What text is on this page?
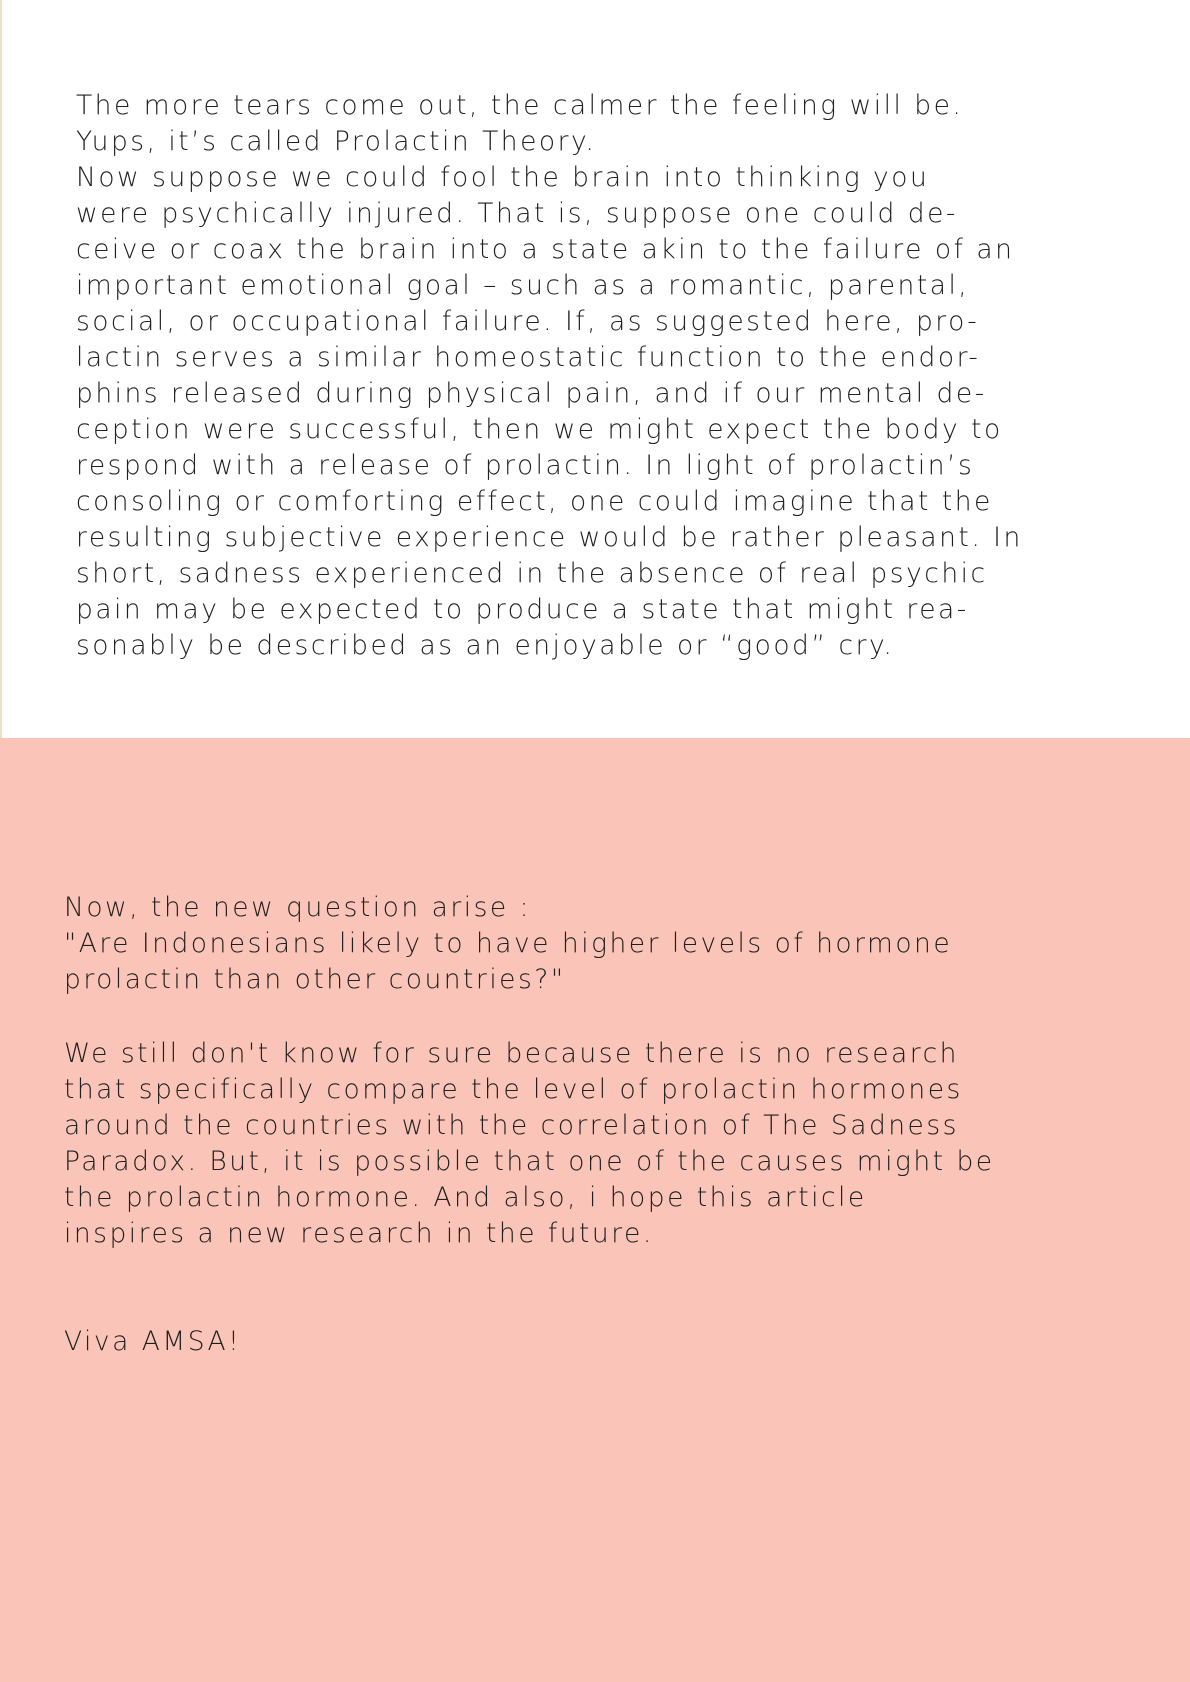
The more tears come out, the calmer the feeling will be.
Yups, it’s called Prolactin Theory.
Now suppose we could fool the brain into thinking you
were psychically injured. That is, suppose one could de-
ceive or coax the brain into a state akin to the failure of an
important emotional goal – such as a romantic, parental,
social, or occupational failure. If, as suggested here, pro-
lactin serves a similar homeostatic function to the endor-
phins released during physical pain, and if our mental de-
ception were successful, then we might expect the body to
respond with a release of prolactin. In light of prolactin’s
consoling or comforting effect, one could imagine that the
resulting subjective experience would be rather pleasant. In
short, sadness experienced in the absence of real psychic
pain may be expected to produce a state that might rea-
sonably be described as an enjoyable or “good” cry.
Now, the new question arise :
"Are Indonesians likely to have higher levels of hormone
prolactin than other countries?"
We still don't know for sure because there is no research
that specifically compare the level of prolactin hormones
around the countries with the correlation of The Sadness
Paradox. But, it is possible that one of the causes might be
the prolactin hormone. And also, i hope this article
inspires a new research in the future.
Viva AMSA!
